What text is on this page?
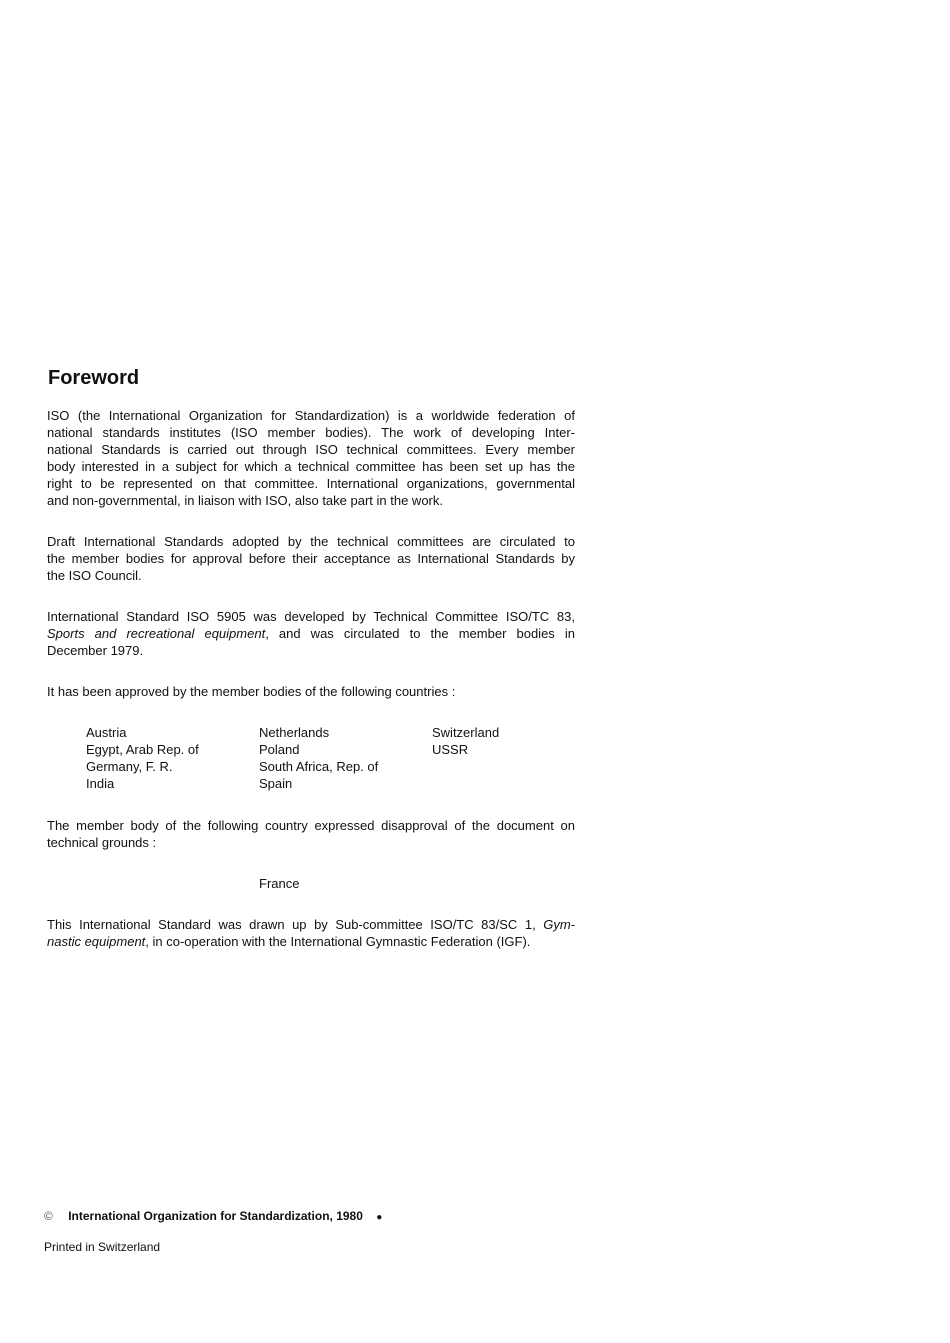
Foreword
ISO (the International Organization for Standardization) is a worldwide federation of
national standards institutes (ISO member bodies). The work of developing Inter-
national Standards is carried out through ISO technical committees. Every member
body interested in a subject for which a technical committee has been set up has the
right to be represented on that committee. International organizations, governmental
and non-governmental, in liaison with ISO, also take part in the work.
Draft International Standards adopted by the technical committees are circulated to
the member bodies for approval before their acceptance as International Standards by
the ISO Council.
International Standard ISO 5905 was developed by Technical Committee ISO/TC 83,
Sports and recreational equipment, and was circulated to the member bodies in
December 1979.
It has been approved by the member bodies of the following countries :
Austria
Egypt, Arab Rep. of
Germany, F. R.
India
Netherlands
Poland
South Africa, Rep. of
Spain
Switzerland
USSR
The member body of the following country expressed disapproval of the document on
technical grounds :
France
This International Standard was drawn up by Sub-committee ISO/TC 83/SC 1, Gym-
nastic equipment, in co-operation with the International Gymnastic Federation (IGF).
© International Organization for Standardization, 1980 ●
Printed in Switzerland
